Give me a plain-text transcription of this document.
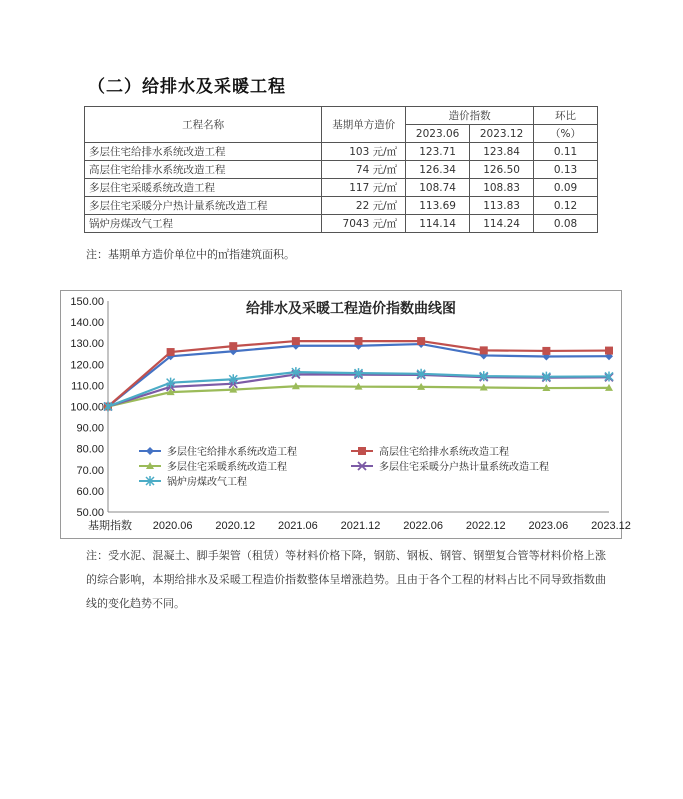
（二）给排水及采暖工程
工程名称	基期单方造价	造价指数		环比
		2023.06	2023.12	（%）
多层住宅给排水系统改造工程	103 元/㎡	123.71	123.84	0.11
高层住宅给排水系统改造工程	74 元/㎡	126.34	126.50	0.13
多层住宅采暖系统改造工程	117 元/㎡	108.74	108.83	0.09
多层住宅采暖分户热计量系统改造工程	22 元/㎡	113.69	113.83	0.12
锅炉房煤改气工程	7043 元/㎡	114.14	114.24	0.08
注：基期单方造价单位中的㎡指建筑面积。
50.00
60.00
70.00
80.00
90.00
100.00
110.00
120.00
130.00
140.00
150.00
基期指数 2020.06 2020.12 2021.06 2021.12 2022.06 2022.12 2023.06 2023.12
给排水及采暖工程造价指数曲线图
多层住宅给排水系统改造工程	高层住宅给排水系统改造工程
多层住宅采暖系统改造工程	多层住宅采暖分户热计量系统改造工程
锅炉房煤改气工程
注：受水泥、混凝土、脚手架管（租赁）等材料价格下降，钢筋、钢板、钢管、钢塑复合管等材料价格上涨的综合影响，本期给排水及采暖工程造价指数整体呈增涨趋势。且由于各个工程的材料占比不同导致指数曲线的变化趋势不同。
